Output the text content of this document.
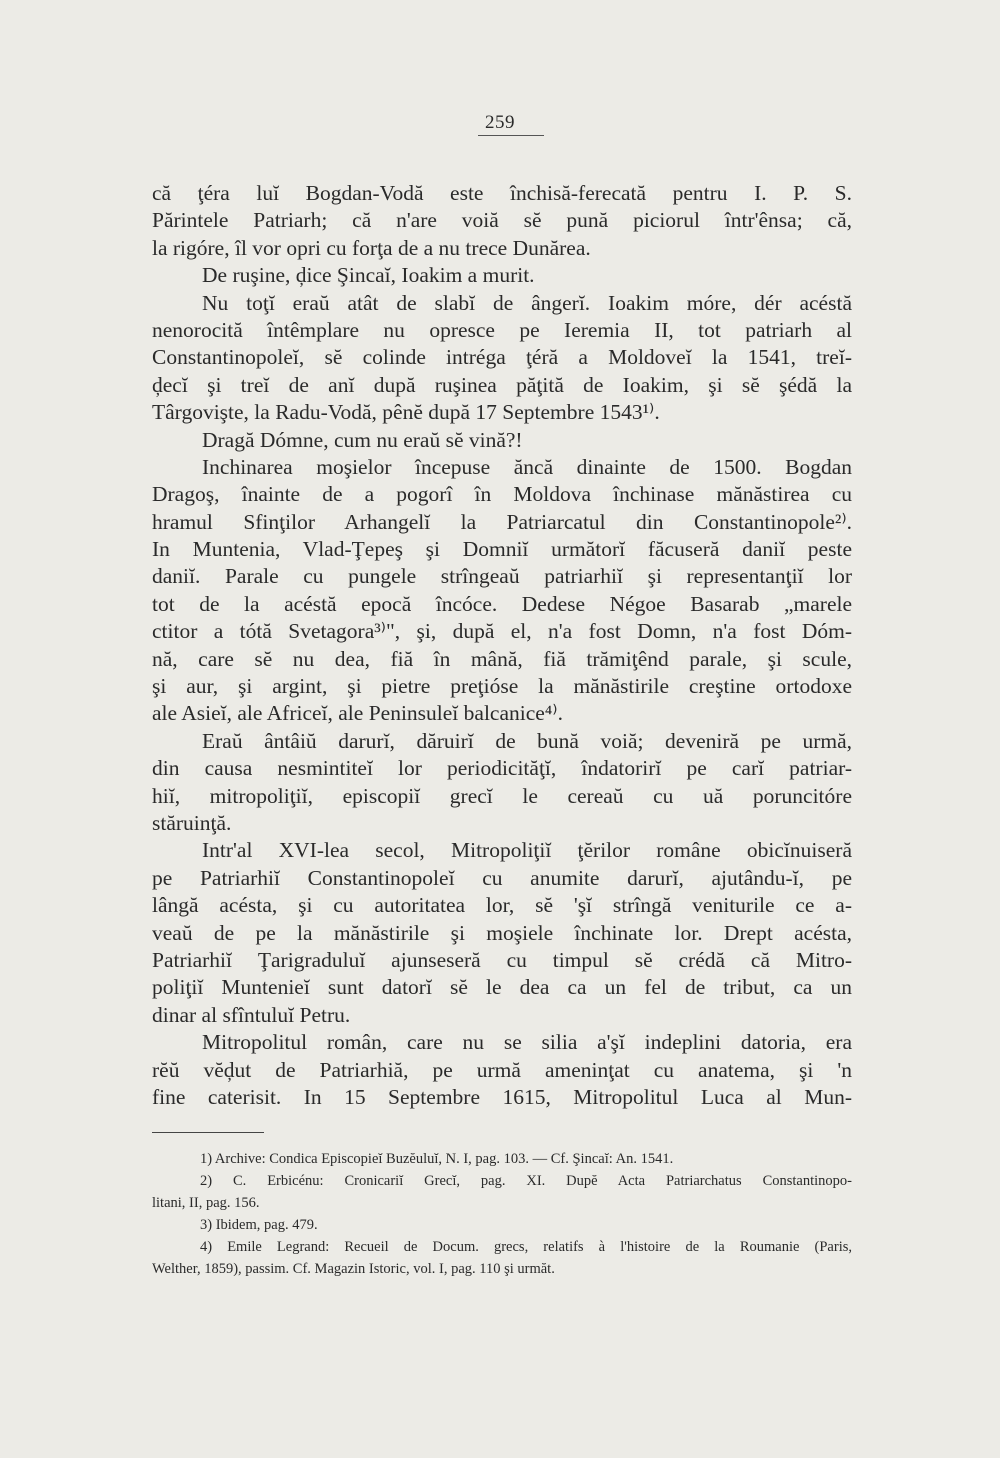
259
că ţéra luĭ Bogdan-Vodă este închisă-ferecată pentru I. P. S.
Părintele Patriarh; că n'are voiă sĕ pună piciorul într'ênsa; că,
la rigóre, îl vor opri cu forţa de a nu trece Dunărea.
De ruşine, ḑice Şincaĭ, Ioakim a murit.
Nu toţĭ eraŭ atât de slabĭ de ângerĭ. Ioakim móre, dér acéstă
nenorocită întêmplare nu opresce pe Ieremia II, tot patriarh al
Constantinopoleĭ, sĕ colinde intréga ţéră a Moldoveĭ la 1541, treĭ-
ḑecĭ şi treĭ de anĭ după ruşinea păţită de Ioakim, şi sĕ şédă la
Târgovişte, la Radu-Vodă, pênĕ după 17 Septembre 1543¹⁾.
Dragă Dómne, cum nu eraŭ sĕ vină?!
Inchinarea moşielor începuse ăncă dinainte de 1500. Bogdan
Dragoş, înainte de a pogorî în Moldova închinase mănăstirea cu
hramul Sfinţilor Arhangelĭ la Patriarcatul din Constantinopole²⁾.
In Muntenia, Vlad-Ţepeş şi Domniĭ următorĭ făcuseră daniĭ peste
daniĭ. Parale cu pungele strîngeaŭ patriarhiĭ şi representanţiĭ lor
tot de la acéstă epocă încóce. Dedese Négoe Basarab „marele
ctitor a tótă Svetagora³⁾", şi, după el, n'a fost Domn, n'a fost Dóm-
nă, care sĕ nu dea, fiă în mână, fiă trămiţênd parale, şi scule,
şi aur, şi argint, şi pietre preţióse la mănăstirile creştine ortodoxe
ale Asieĭ, ale Africeĭ, ale Peninsuleĭ balcanice⁴⁾.
Eraŭ ântâiŭ darurĭ, dăruirĭ de bună voiă; deveniră pe urmă,
din causa nesmintiteĭ lor periodicităţĭ, îndatorirĭ pe carĭ patriar-
hiĭ, mitropoliţiĭ, episcopiĭ grecĭ le cereaŭ cu uă poruncitóre
stăruinţă.
Intr'al XVI-lea secol, Mitropoliţiĭ ţĕrilor române obicĭnuiseră
pe Patriarhiĭ Constantinopoleĭ cu anumite darurĭ, ajutându-ĭ, pe
lângă acésta, şi cu autoritatea lor, sĕ 'şĭ strîngă veniturile ce a-
veaŭ de pe la mănăstirile şi moşiele închinate lor. Drept acésta,
Patriarhiĭ Ţarigraduluĭ ajunseseră cu timpul sĕ crédă că Mitro-
poliţiĭ Munteniеĭ sunt datorĭ sĕ le dea ca un fel de tribut, ca un
dinar al sfîntuluĭ Petru.
Mitropolitul român, care nu se silia a'şĭ indeplini datoria, era
rĕŭ vĕḑut de Patriarhiă, pe urmă ameninţat cu anatema, şi 'n
fine caterisit. In 15 Septembre 1615, Mitropolitul Luca al Mun-
1) Archive: Condica Episcopieĭ Buzĕuluĭ, N. I, pag. 103. — Cf. Şincaĭ: An. 1541.
2) C. Erbicénu: Cronicariĭ Grecĭ, pag. XI. Dupĕ Acta Patriarchatus Constantinopo-
litani, II, pag. 156.
3) Ibidem, pag. 479.
4) Emile Legrand: Recueil de Docum. grecs, relatifs à l'histoire de la Roumanie (Paris,
Welther, 1859), passim. Cf. Magazin Istoric, vol. I, pag. 110 şi următ.
